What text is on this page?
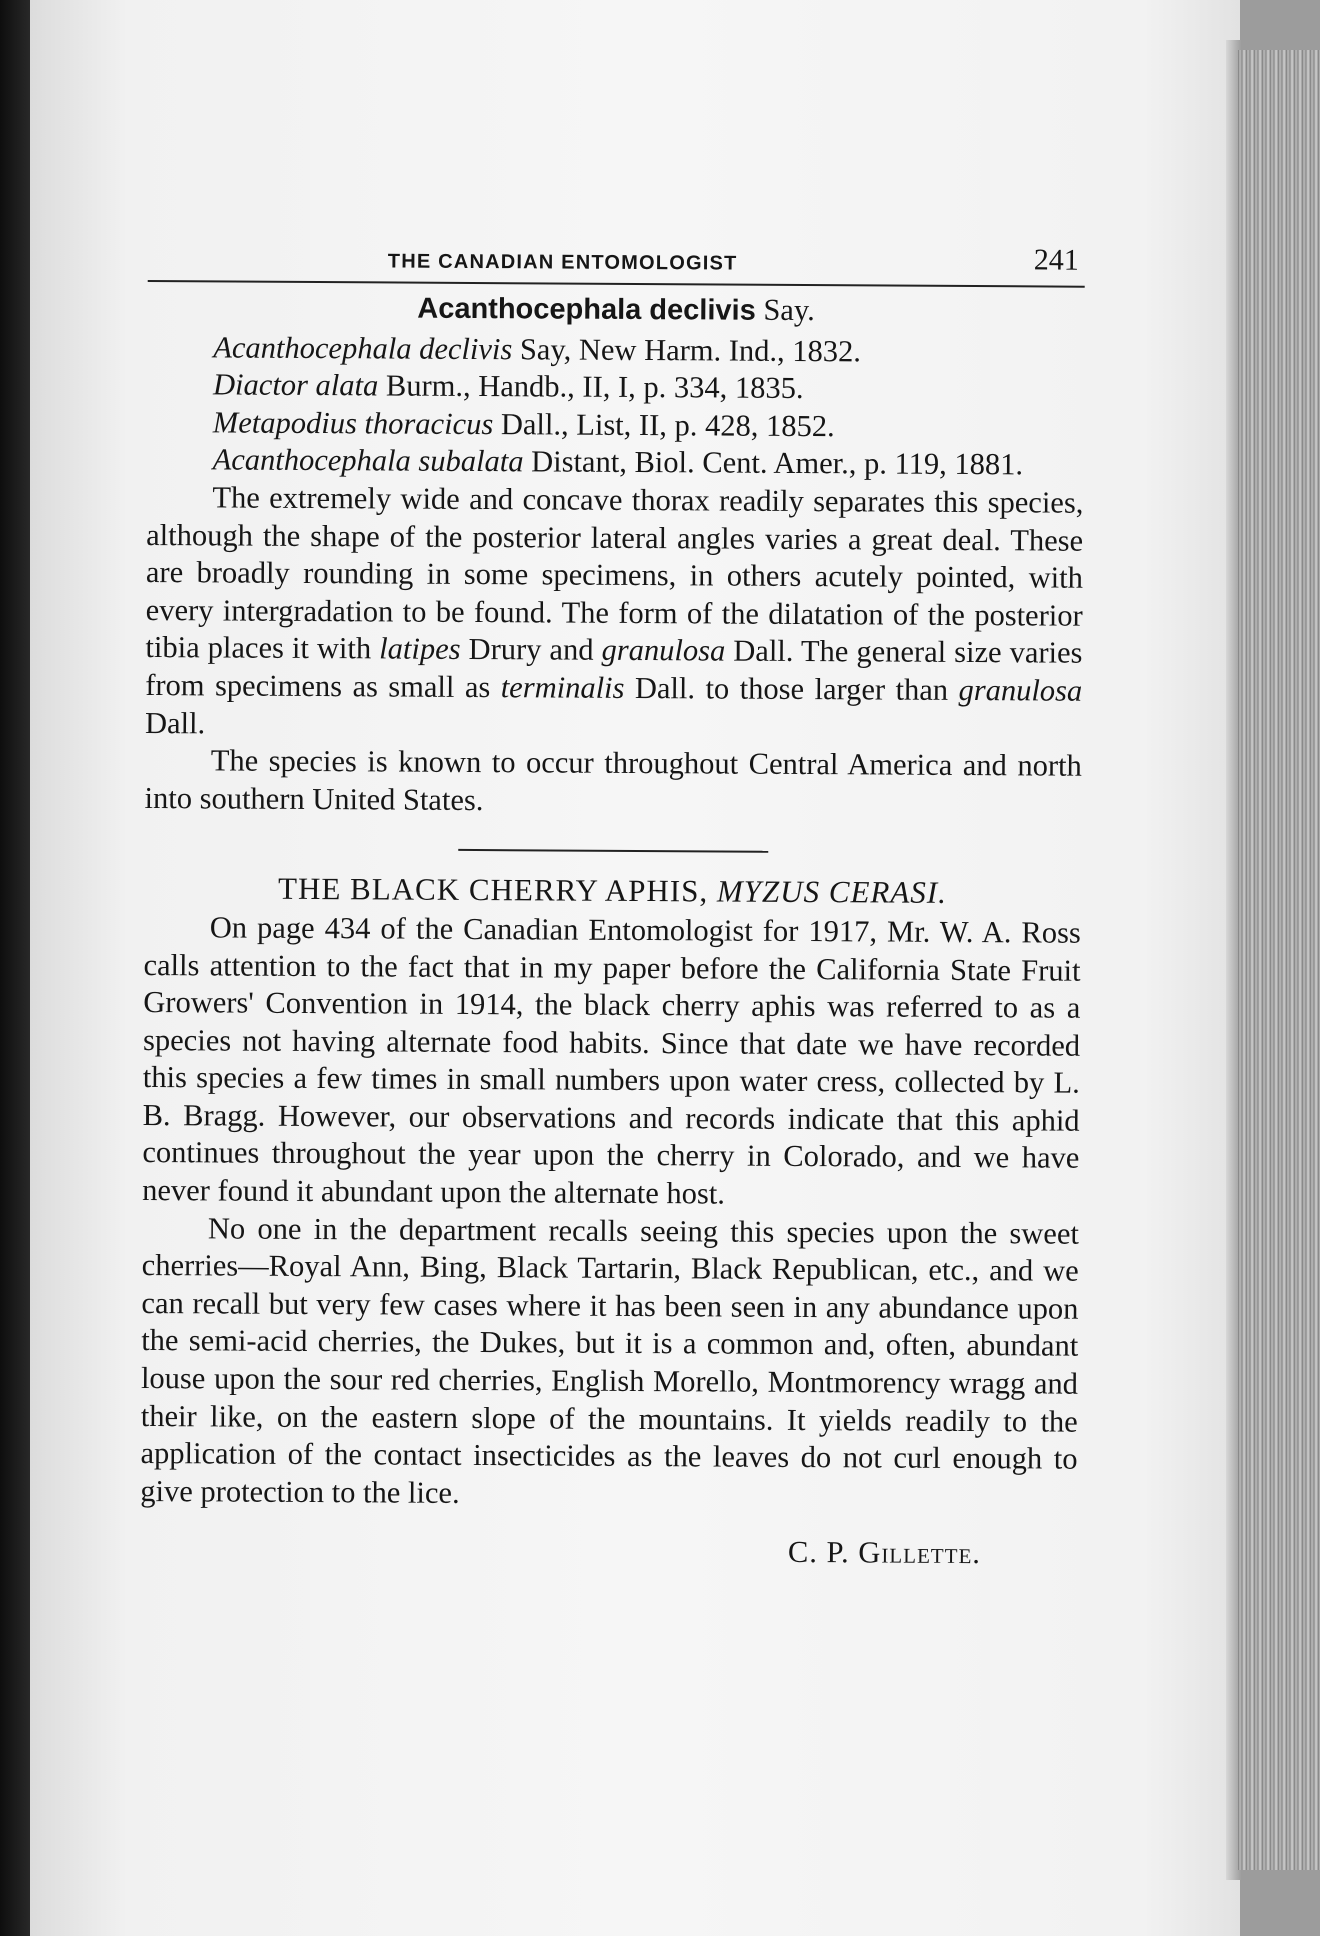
THE CANADIAN ENTOMOLOGIST	241

Acanthocephala declivis Say.

Acanthocephala declivis Say, New Harm. Ind., 1832.

Diactor alata Burm., Handb., II, I, p. 334, 1835.

Metapodius thoracicus Dall., List, II, p. 428, 1852.

Acanthocephala subalata Distant, Biol. Cent. Amer., p. 119, 1881.

The extremely wide and concave thorax readily separates this species, although the shape of the posterior lateral angles varies a great deal. These are broadly rounding in some specimens, in others acutely pointed, with every intergradation to be found. The form of the dilatation of the posterior tibia places it with latipes Drury and granulosa Dall. The general size varies from specimens as small as terminalis Dall. to those larger than granulosa Dall.

The species is known to occur throughout Central America and north into southern United States.

THE BLACK CHERRY APHIS, MYZUS CERASI.

On page 434 of the Canadian Entomologist for 1917, Mr. W. A. Ross calls attention to the fact that in my paper before the California State Fruit Growers' Convention in 1914, the black cherry aphis was referred to as a species not having alternate food habits. Since that date we have recorded this species a few times in small numbers upon water cress, collected by L. B. Bragg. However, our observations and records indicate that this aphid continues throughout the year upon the cherry in Colorado, and we have never found it abundant upon the alternate host.

No one in the department recalls seeing this species upon the sweet cherries—Royal Ann, Bing, Black Tartarin, Black Republican, etc., and we can recall but very few cases where it has been seen in any abundance upon the semi-acid cherries, the Dukes, but it is a common and, often, abundant louse upon the sour red cherries, English Morello, Montmorency wragg and their like, on the eastern slope of the mountains. It yields readily to the application of the contact insecticides as the leaves do not curl enough to give protection to the lice.

C. P. Gillette.
